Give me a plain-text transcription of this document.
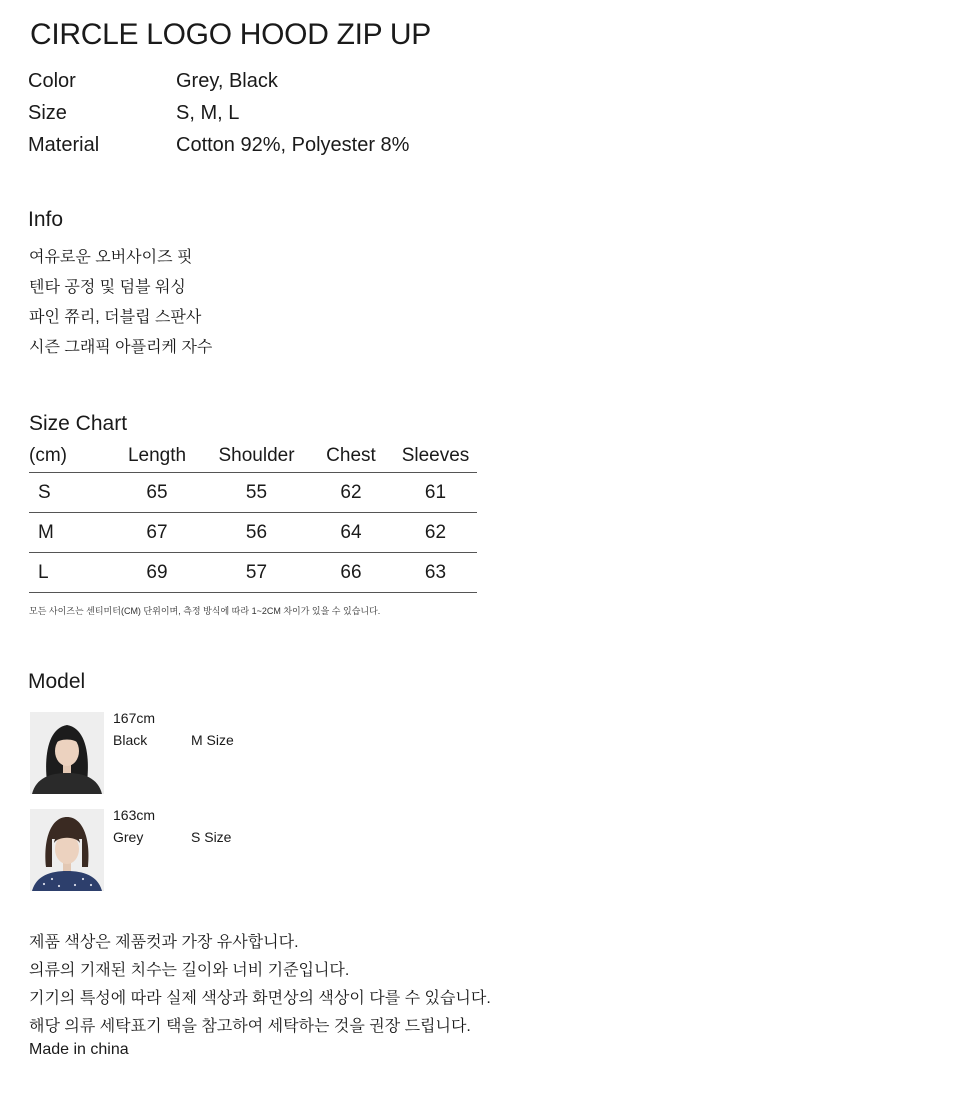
CIRCLE LOGO HOOD ZIP UP
Color	Grey, Black
Size	S, M, L
Material	Cotton 92%, Polyester 8%
Info
여유로운 오버사이즈 핏
텐타 공정 및 덤블 워싱
파인 쮸리, 더블립 스판사
시즌 그래픽 아플리케 자수
Size Chart
(cm)	Length	Shoulder	Chest	Sleeves
S	65	55	62	61
M	67	56	64	62
L	69	57	66	63
모든 사이즈는 센티미터(CM) 단위이며, 측정 방식에 따라 1~2CM 차이가 있을 수 있습니다.
Model
167cm
Black	M Size
163cm
Grey	S Size
제품 색상은 제품컷과 가장 유사합니다.
의류의 기재된 치수는 길이와 너비 기준입니다.
기기의 특성에 따라 실제 색상과 화면상의 색상이 다를 수 있습니다.
해당 의류 세탁표기 택을 참고하여 세탁하는 것을 권장 드립니다.
Made in china
